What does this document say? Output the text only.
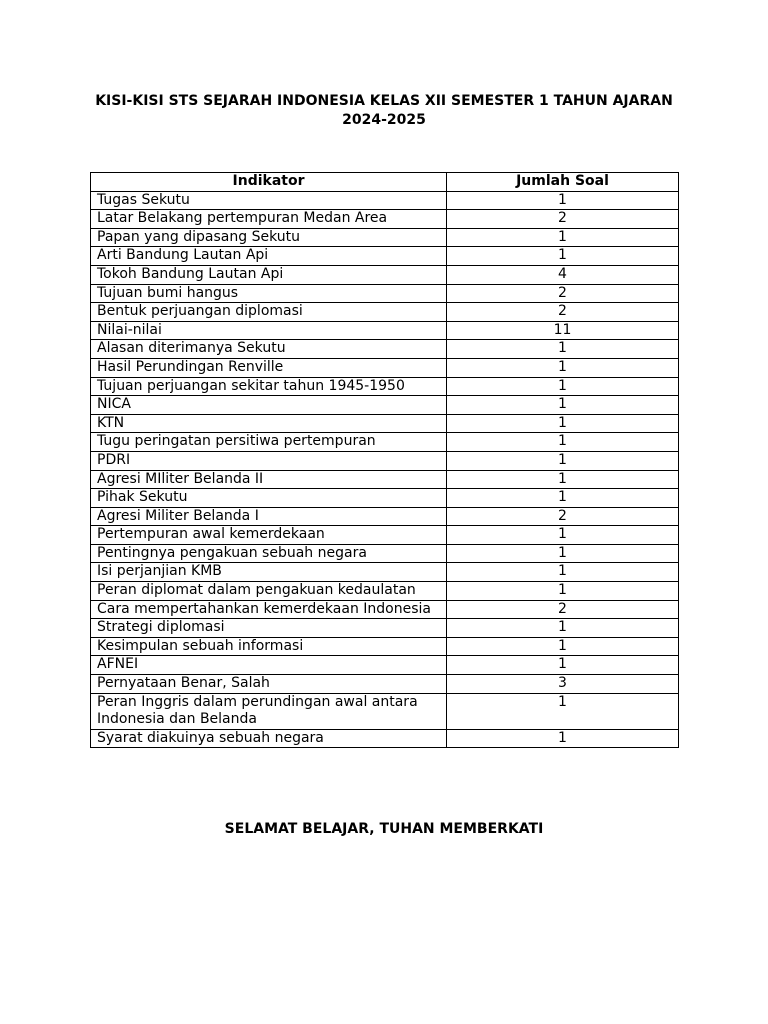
KISI-KISI STS SEJARAH INDONESIA KELAS XII SEMESTER 1 TAHUN AJARAN 2024-2025
Indikator	Jumlah Soal
Tugas Sekutu	1
Latar Belakang pertempuran Medan Area	2
Papan yang dipasang Sekutu	1
Arti Bandung Lautan Api	1
Tokoh Bandung Lautan Api	4
Tujuan bumi hangus	2
Bentuk perjuangan diplomasi	2
Nilai-nilai	11
Alasan diterimanya Sekutu	1
Hasil Perundingan Renville	1
Tujuan perjuangan sekitar tahun 1945-1950	1
NICA	1
KTN	1
Tugu peringatan persitiwa pertempuran	1
PDRI	1
Agresi MIliter Belanda II	1
Pihak Sekutu	1
Agresi Militer Belanda I	2
Pertempuran awal kemerdekaan	1
Pentingnya pengakuan sebuah negara	1
Isi perjanjian KMB	1
Peran diplomat dalam pengakuan kedaulatan	1
Cara mempertahankan kemerdekaan Indonesia	2
Strategi diplomasi	1
Kesimpulan sebuah informasi	1
AFNEI	1
Pernyataan Benar, Salah	3
Peran Inggris dalam perundingan awal antara Indonesia dan Belanda	1
Syarat diakuinya sebuah negara	1
SELAMAT BELAJAR, TUHAN MEMBERKATI
